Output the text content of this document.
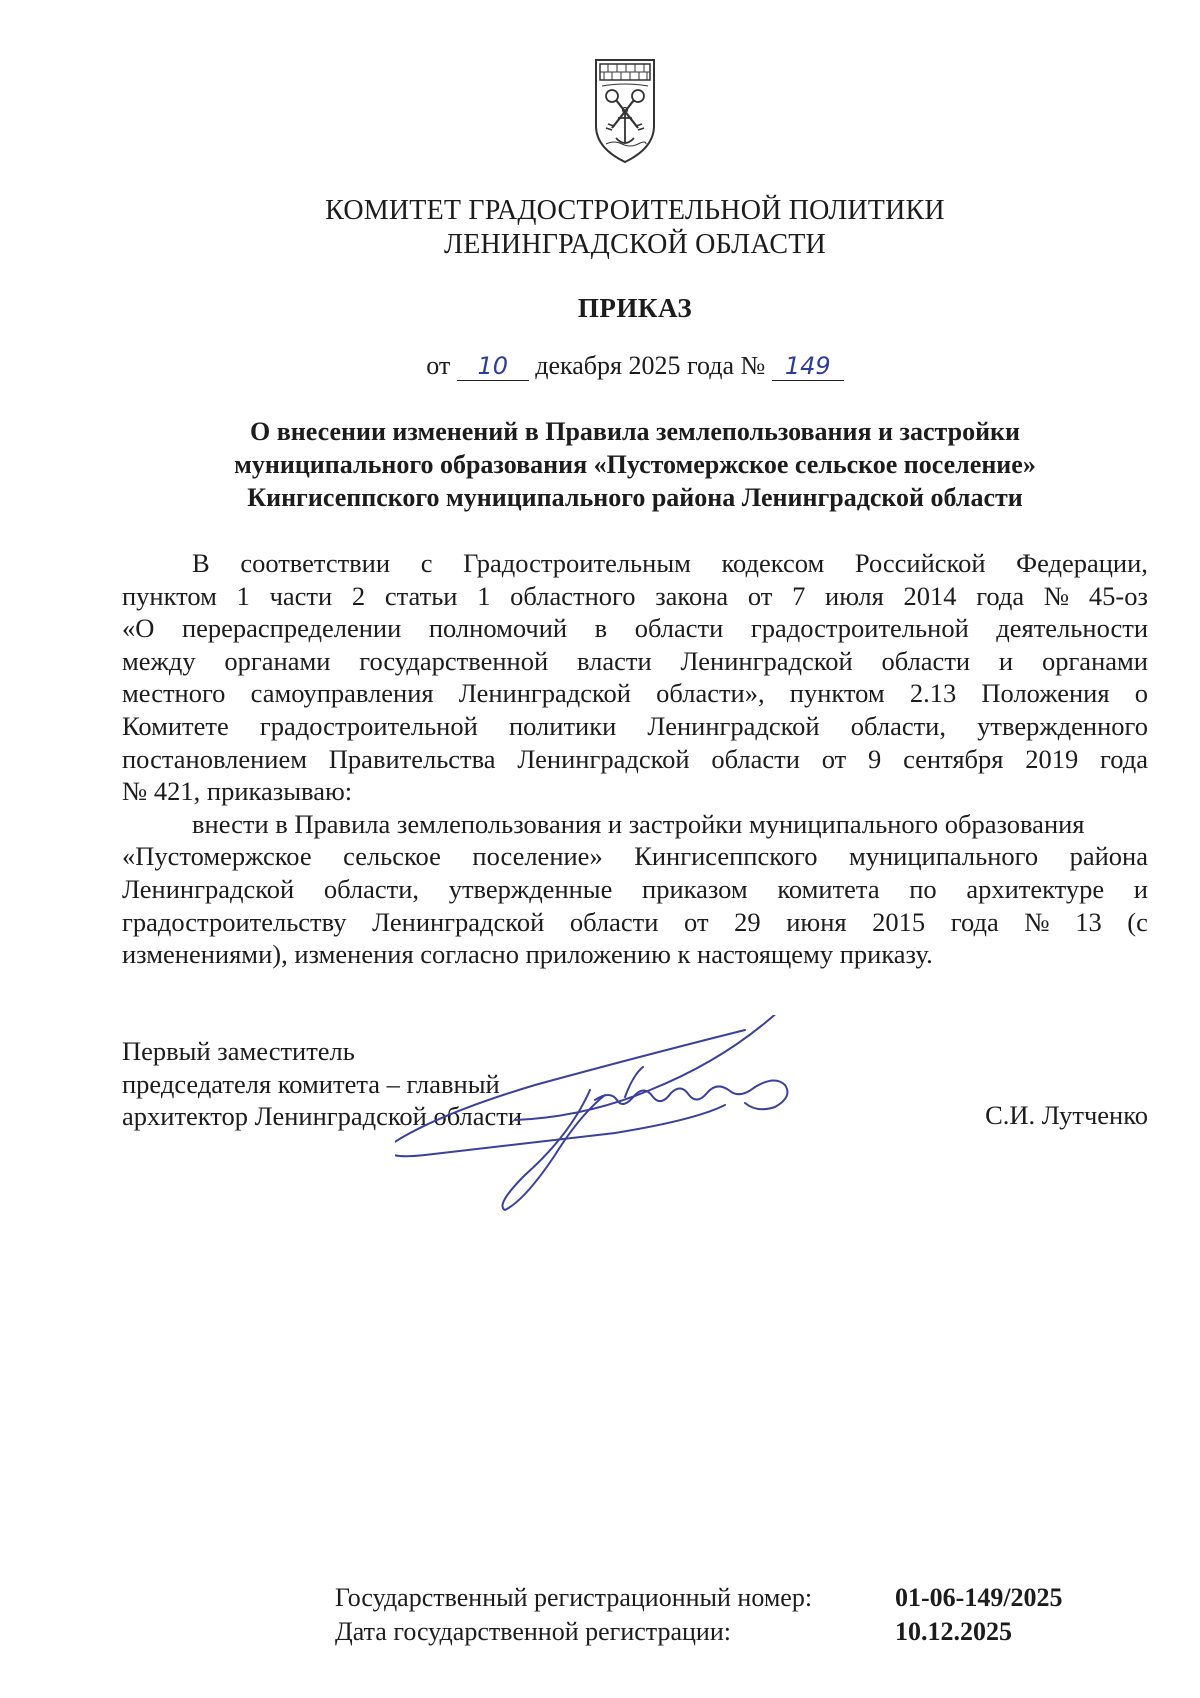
КОМИТЕТ ГРАДОСТРОИТЕЛЬНОЙ ПОЛИТИКИ
ЛЕНИНГРАДСКОЙ ОБЛАСТИ
ПРИКАЗ
от 10 декабря 2025 года № 149
О внесении изменений в Правила землепользования и застройки
муниципального образования «Пустомержское сельское поселение»
Кингисеппского муниципального района Ленинградской области
В соответствии с Градостроительным кодексом Российской Федерации,
пунктом 1 части 2 статьи 1 областного закона от 7 июля 2014 года № 45-оз
«О перераспределении полномочий в области градостроительной деятельности
между органами государственной власти Ленинградской области и органами
местного самоуправления Ленинградской области», пунктом 2.13 Положения о
Комитете градостроительной политики Ленинградской области, утвержденного
постановлением Правительства Ленинградской области от 9 сентября 2019 года
№ 421, приказываю:
внести в Правила землепользования и застройки муниципального образования
«Пустомержское сельское поселение» Кингисеппского муниципального района
Ленинградской области, утвержденные приказом комитета по архитектуре и
градостроительству Ленинградской области от 29 июня 2015 года № 13 (с
изменениями), изменения согласно приложению к настоящему приказу.
Первый заместитель
председателя комитета – главный
архитектор Ленинградской области	С.И. Лутченко
Государственный регистрационный номер:	01-06-149/2025
Дата государственной регистрации:	10.12.2025
